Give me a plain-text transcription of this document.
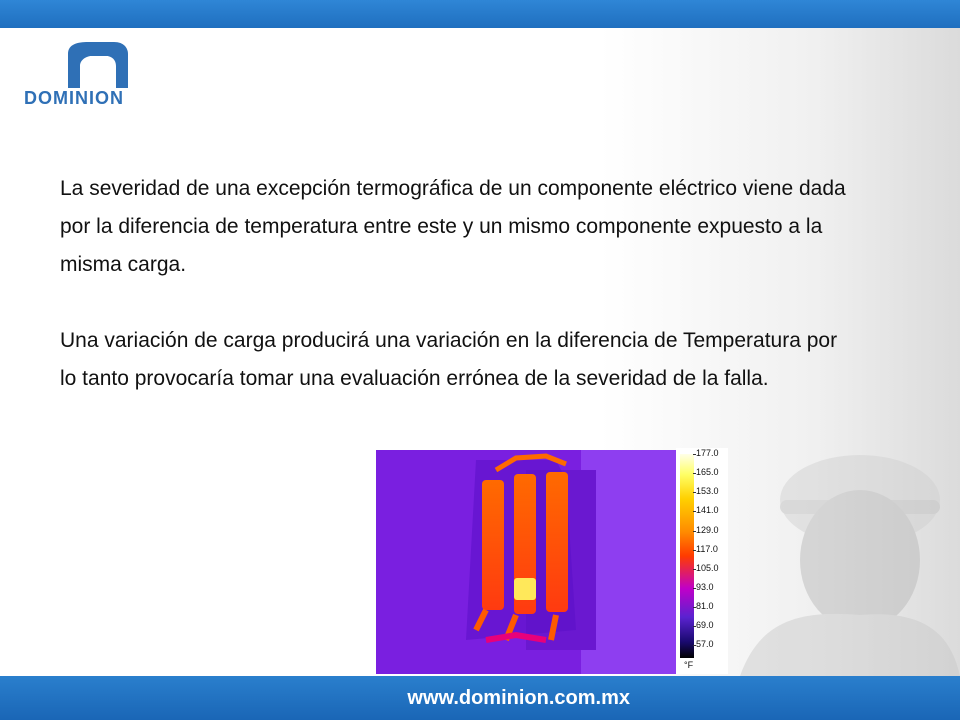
DOMINION

La severidad de una excepción termográfica de un componente eléctrico viene dada por la diferencia de temperatura entre este y un mismo componente expuesto a la misma carga.

Una variación de carga producirá una variación en la diferencia de Temperatura por lo tanto provocaría tomar una evaluación errónea de la severidad de la falla.

177.0
165.0
153.0
141.0
129.0
117.0
105.0
93.0
81.0
69.0
57.0
°F
www.dominion.com.mx
